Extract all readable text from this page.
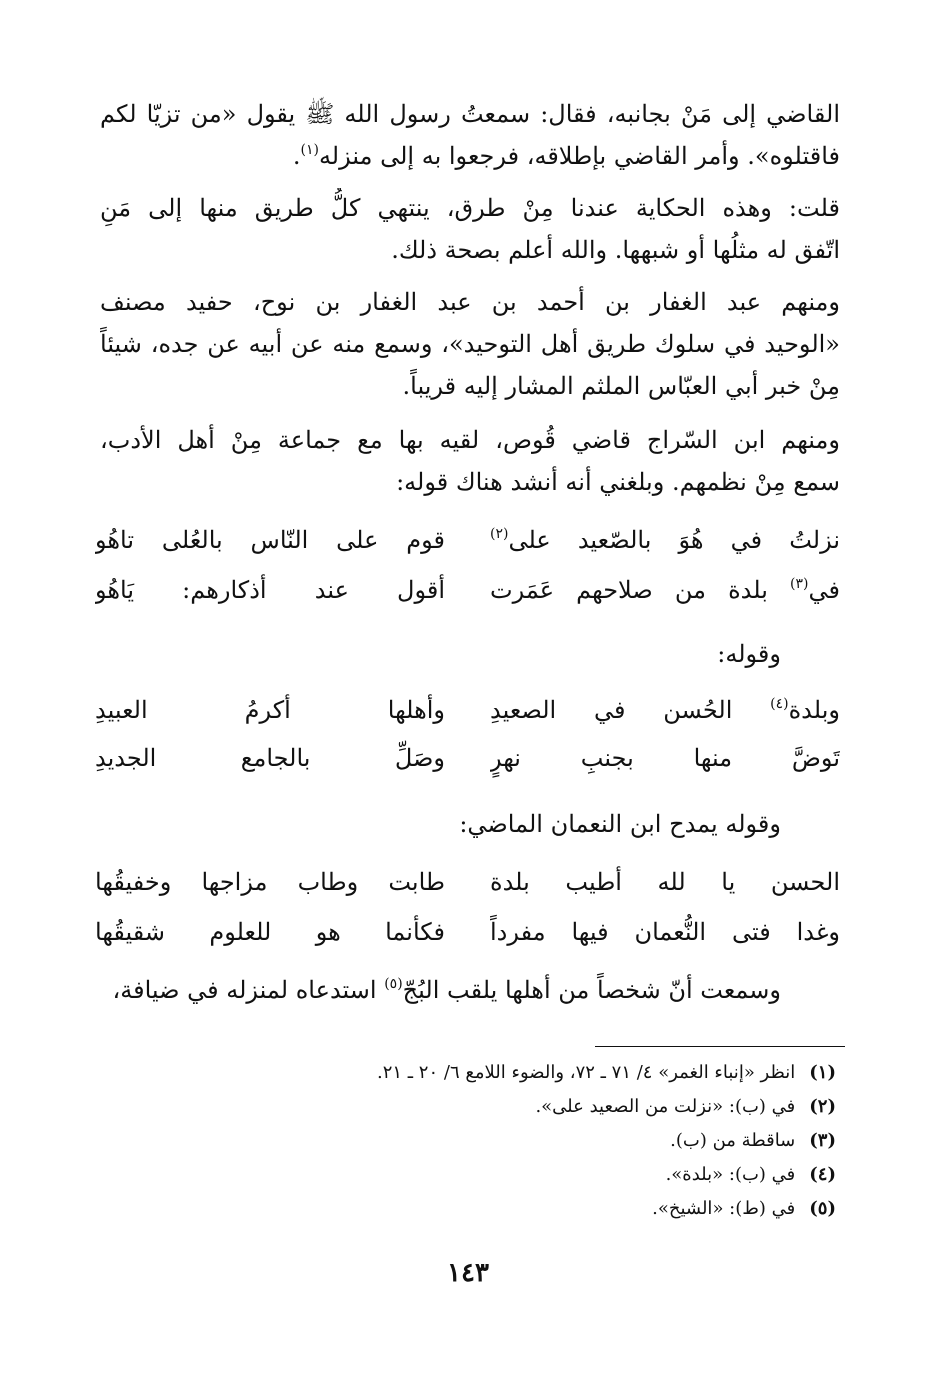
القاضي إلى مَنْ بجانبه، فقال: سمعتُ رسول الله ﷺ يقول «من تزيّا لكم
فاقتلوه». وأمر القاضي بإطلاقه، فرجعوا به إلى منزله$^{(١)}$.
قلت: وهذه الحكاية عندنا مِنْ طرق، ينتهي كلُّ طريق منها إلى مَنِ
اتّفق له مثلُها أو شبهها. والله أعلم بصحة ذلك.
ومنهم عبد الغفار بن أحمد بن عبد الغفار بن نوح، حفيد مصنف
«الوحيد في سلوك طريق أهل التوحيد»، وسمع منه عن أبيه عن جده، شيئاً
مِنْ خبر أبي العبّاس الملثم المشار إليه قريباً.
ومنهم ابن السّراج قاضي قُوص، لقيه بها مع جماعة مِنْ أهل الأدب،
سمع مِنْ نظمهم. وبلغني أنه أنشد هناك قوله:
نزلتُ في هُوَ بالصّعيد على$^{(٢)}$
قوم على النّاس بالعُلى تاهُو
في$^{(٣)}$ بلدة من صلاحهم عَمَرت
أقول عند أذكارهم: يَاهُو
وقوله:
وبلدة$^{(٤)}$ الحُسن في الصعيدِ
وأهلها أكرمُ العبيدِ
تَوضَّ منها بجنبِ نهرٍ
وصَلِّ بالجامع الجديدِ
وقوله يمدح ابن النعمان الماضي:
الحسن يا لله أطيب بلدة
طابت وطاب مزاجها وخفيقُها
وغدا فتى النُّعمان فيها مفرداً
فكأنما هو للعلوم شقيقُها
وسمعت أنّ شخصاً من أهلها يلقب البُجّ$^{(٥)}$ استدعاه لمنزله في ضيافة،
(١)
انظر «إنباء الغمر» ٤/ ٧١ ـ ٧٢، والضوء اللامع ٦/ ٢٠ ـ ٢١.
(٢)
في (ب): «نزلت من الصعيد على».
(٣)
ساقطة من (ب).
(٤)
في (ب): «بلدة».
(٥)
في (ط): «الشيخ».
١٤٣
